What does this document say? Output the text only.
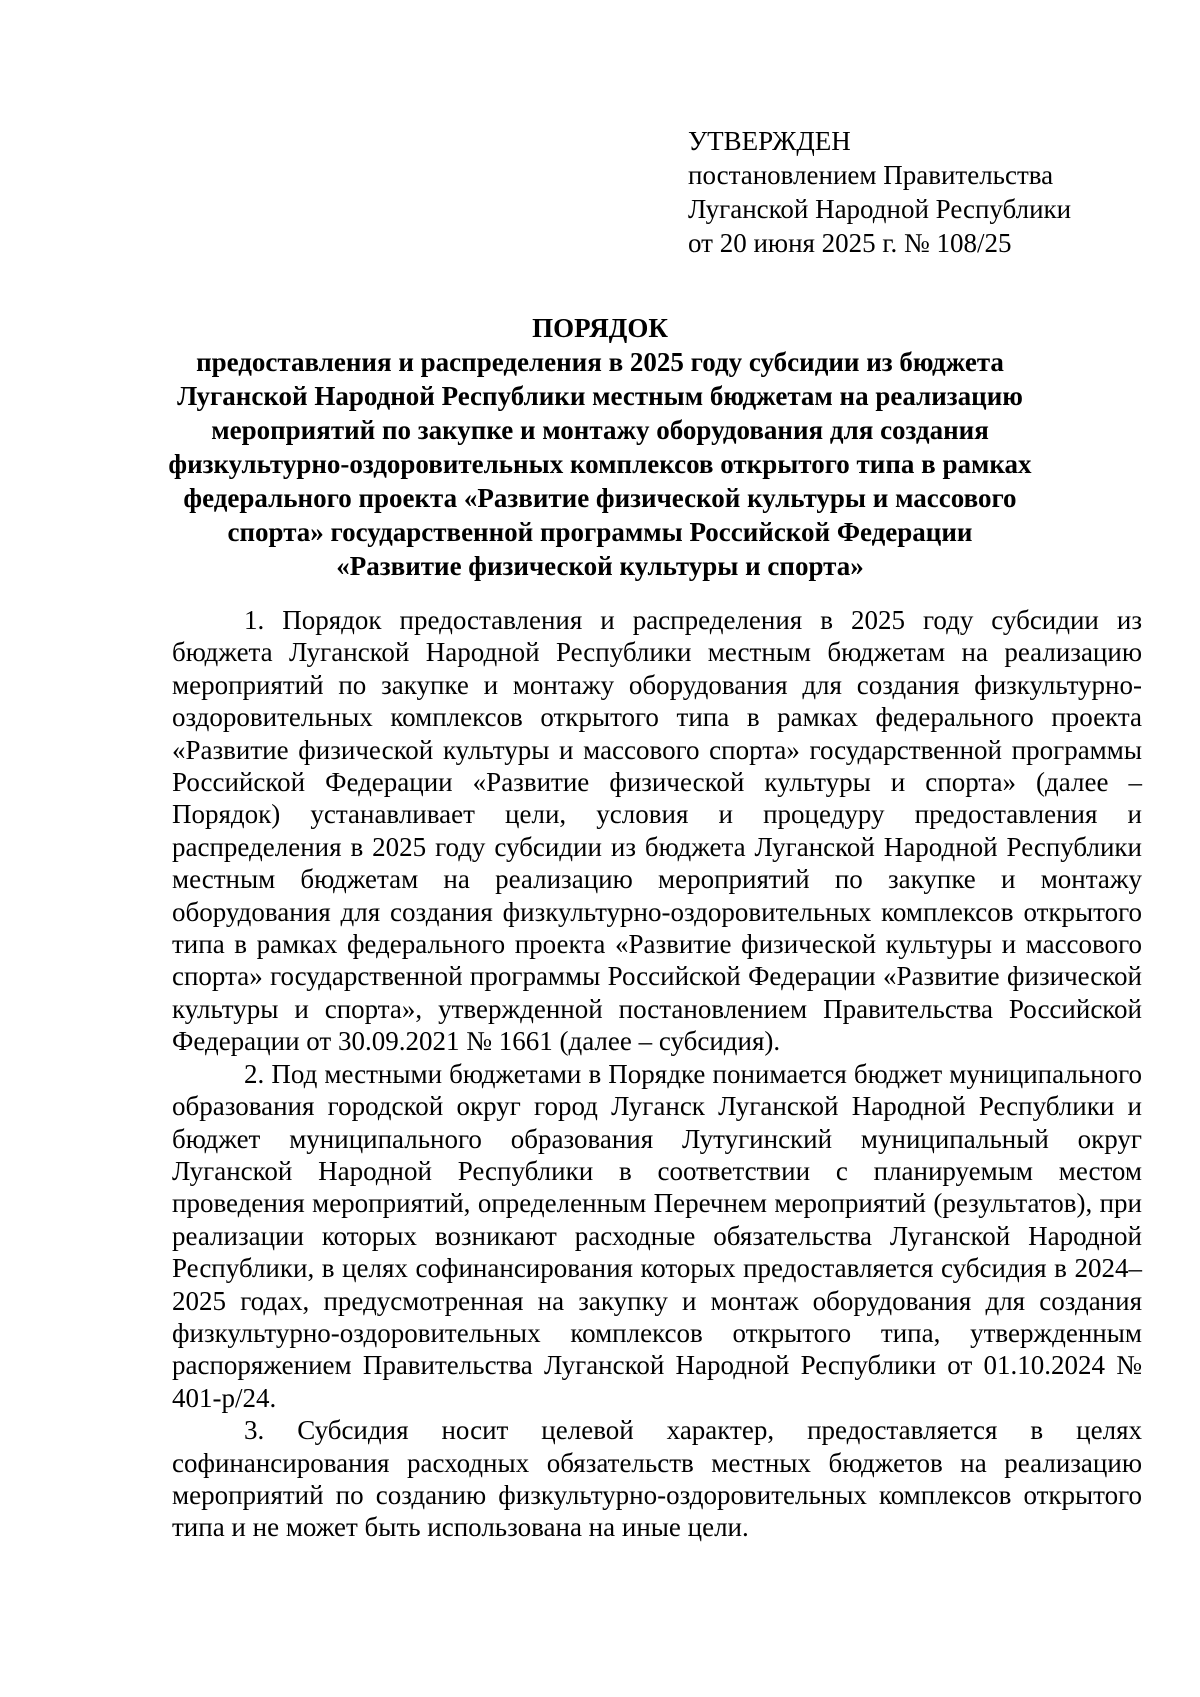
УТВЕРЖДЕН
постановлением Правительства
Луганской Народной Республики
от 20 июня 2025 г. № 108/25
ПОРЯДОК
предоставления и распределения в 2025 году субсидии из бюджета
Луганской Народной Республики местным бюджетам на реализацию
мероприятий по закупке и монтажу оборудования для создания
физкультурно-оздоровительных комплексов открытого типа в рамках
федерального проекта «Развитие физической культуры и массового
спорта» государственной программы Российской Федерации
«Развитие физической культуры и спорта»

1. Порядок предоставления и распределения в 2025 году субсидии из бюджета Луганской Народной Республики местным бюджетам на реализацию мероприятий по закупке и монтажу оборудования для создания физкультурно-оздоровительных комплексов открытого типа в рамках федерального проекта «Развитие физической культуры и массового спорта» государственной программы Российской Федерации «Развитие физической культуры и спорта» (далее – Порядок) устанавливает цели, условия и процедуру предоставления и распределения в 2025 году субсидии из бюджета Луганской Народной Республики местным бюджетам на реализацию мероприятий по закупке и монтажу оборудования для создания физкультурно-оздоровительных комплексов открытого типа в рамках федерального проекта «Развитие физической культуры и массового спорта» государственной программы Российской Федерации «Развитие физической культуры и спорта», утвержденной постановлением Правительства Российской Федерации от 30.09.2021 № 1661 (далее – субсидия).

2. Под местными бюджетами в Порядке понимается бюджет муниципального образования городской округ город Луганск Луганской Народной Республики и бюджет муниципального образования Лутугинский муниципальный округ Луганской Народной Республики в соответствии с планируемым местом проведения мероприятий, определенным Перечнем мероприятий (результатов), при реализации которых возникают расходные обязательства Луганской Народной Республики, в целях софинансирования которых предоставляется субсидия в 2024–2025 годах, предусмотренная на закупку и монтаж оборудования для создания физкультурно-оздоровительных комплексов открытого типа, утвержденным распоряжением Правительства Луганской Народной Республики от 01.10.2024 № 401-р/24.

3. Субсидия носит целевой характер, предоставляется в целях софинансирования расходных обязательств местных бюджетов на реализацию мероприятий по созданию физкультурно-оздоровительных комплексов открытого типа и не может быть использована на иные цели.
